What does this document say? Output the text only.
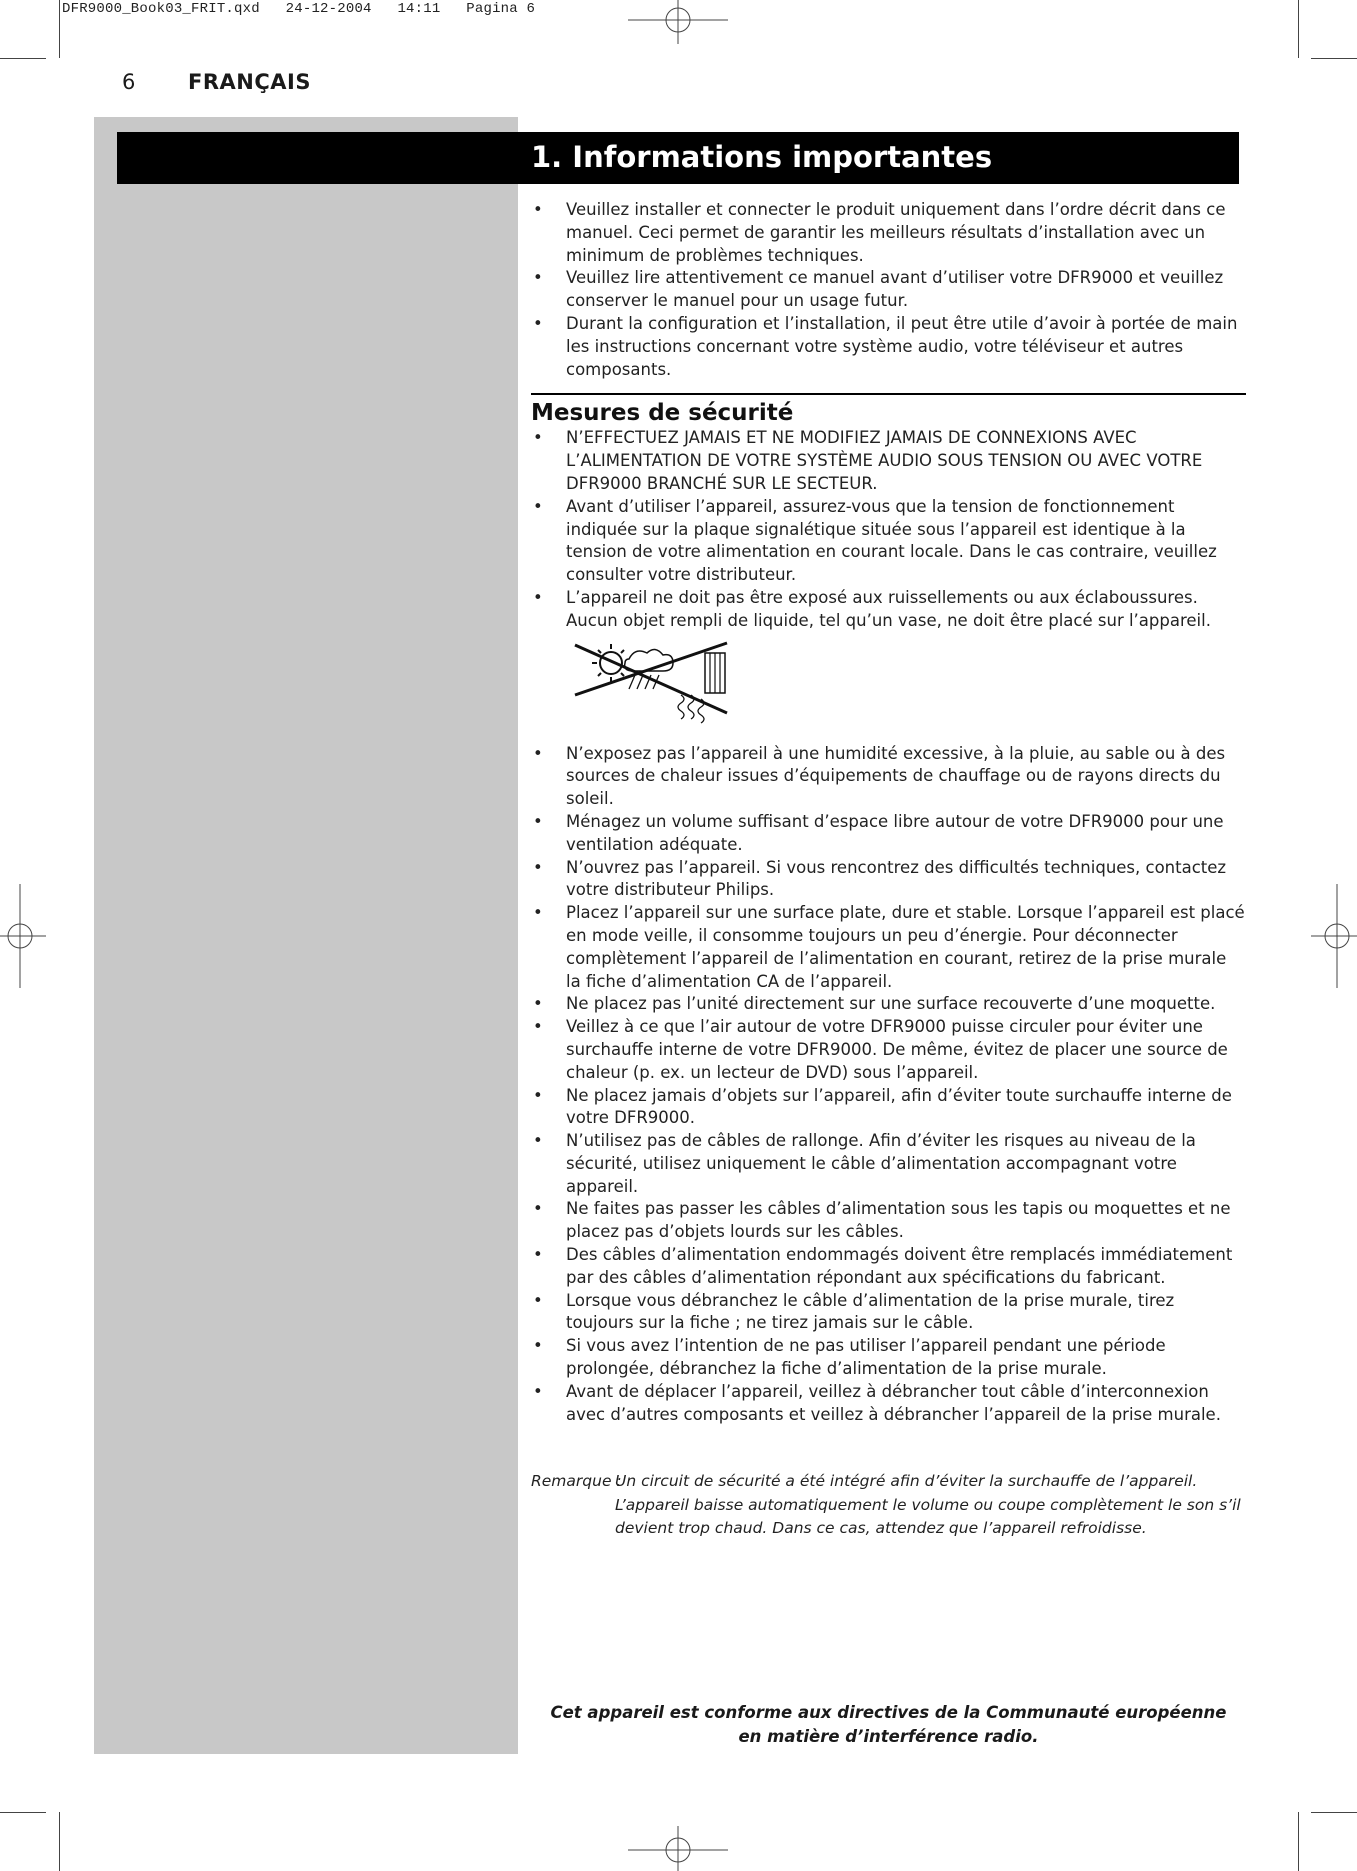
DFR9000_Book03_FRIT.qxd   24-12-2004   14:11   Pagina 6
6	FRANÇAIS
1. Informations importantes
• Veuillez installer et connecter le produit uniquement dans l’ordre décrit dans ce manuel. Ceci permet de garantir les meilleurs résultats d’installation avec un minimum de problèmes techniques.
• Veuillez lire attentivement ce manuel avant d’utiliser votre DFR9000 et veuillez conserver le manuel pour un usage futur.
• Durant la configuration et l’installation, il peut être utile d’avoir à portée de main les instructions concernant votre système audio, votre téléviseur et autres composants.
Mesures de sécurité
• N’EFFECTUEZ JAMAIS ET NE MODIFIEZ JAMAIS DE CONNEXIONS AVEC L’ALIMENTATION DE VOTRE SYSTÈME AUDIO SOUS TENSION OU AVEC VOTRE DFR9000 BRANCHÉ SUR LE SECTEUR.
• Avant d’utiliser l’appareil, assurez-vous que la tension de fonctionnement indiquée sur la plaque signalétique située sous l’appareil est identique à la tension de votre alimentation en courant locale. Dans le cas contraire, veuillez consulter votre distributeur.
• L’appareil ne doit pas être exposé aux ruissellements ou aux éclaboussures. Aucun objet rempli de liquide, tel qu’un vase, ne doit être placé sur l’appareil.
• N’exposez pas l’appareil à une humidité excessive, à la pluie, au sable ou à des sources de chaleur issues d’équipements de chauffage ou de rayons directs du soleil.
• Ménagez un volume suffisant d’espace libre autour de votre DFR9000 pour une ventilation adéquate.
• N’ouvrez pas l’appareil. Si vous rencontrez des difficultés techniques, contactez votre distributeur Philips.
• Placez l’appareil sur une surface plate, dure et stable. Lorsque l’appareil est placé en mode veille, il consomme toujours un peu d’énergie. Pour déconnecter complètement l’appareil de l’alimentation en courant, retirez de la prise murale la fiche d’alimentation CA de l’appareil.
• Ne placez pas l’unité directement sur une surface recouverte d’une moquette.
• Veillez à ce que l’air autour de votre DFR9000 puisse circuler pour éviter une surchauffe interne de votre DFR9000. De même, évitez de placer une source de chaleur (p. ex. un lecteur de DVD) sous l’appareil.
• Ne placez jamais d’objets sur l’appareil, afin d’éviter toute surchauffe interne de votre DFR9000.
• N’utilisez pas de câbles de rallonge. Afin d’éviter les risques au niveau de la sécurité, utilisez uniquement le câble d’alimentation accompagnant votre appareil.
• Ne faites pas passer les câbles d’alimentation sous les tapis ou moquettes et ne placez pas d’objets lourds sur les câbles.
• Des câbles d’alimentation endommagés doivent être remplacés immédiatement par des câbles d’alimentation répondant aux spécifications du fabricant.
• Lorsque vous débranchez le câble d’alimentation de la prise murale, tirez toujours sur la fiche ; ne tirez jamais sur le câble.
• Si vous avez l’intention de ne pas utiliser l’appareil pendant une période prolongée, débranchez la fiche d’alimentation de la prise murale.
• Avant de déplacer l’appareil, veillez à débrancher tout câble d’interconnexion avec d’autres composants et veillez à débrancher l’appareil de la prise murale.
Remarque :
Un circuit de sécurité a été intégré afin d’éviter la surchauffe de l’appareil. L’appareil baisse automatiquement le volume ou coupe complètement le son s’il devient trop chaud. Dans ce cas, attendez que l’appareil refroidisse.
Cet appareil est conforme aux directives de la Communauté européenne
en matière d’interférence radio.
